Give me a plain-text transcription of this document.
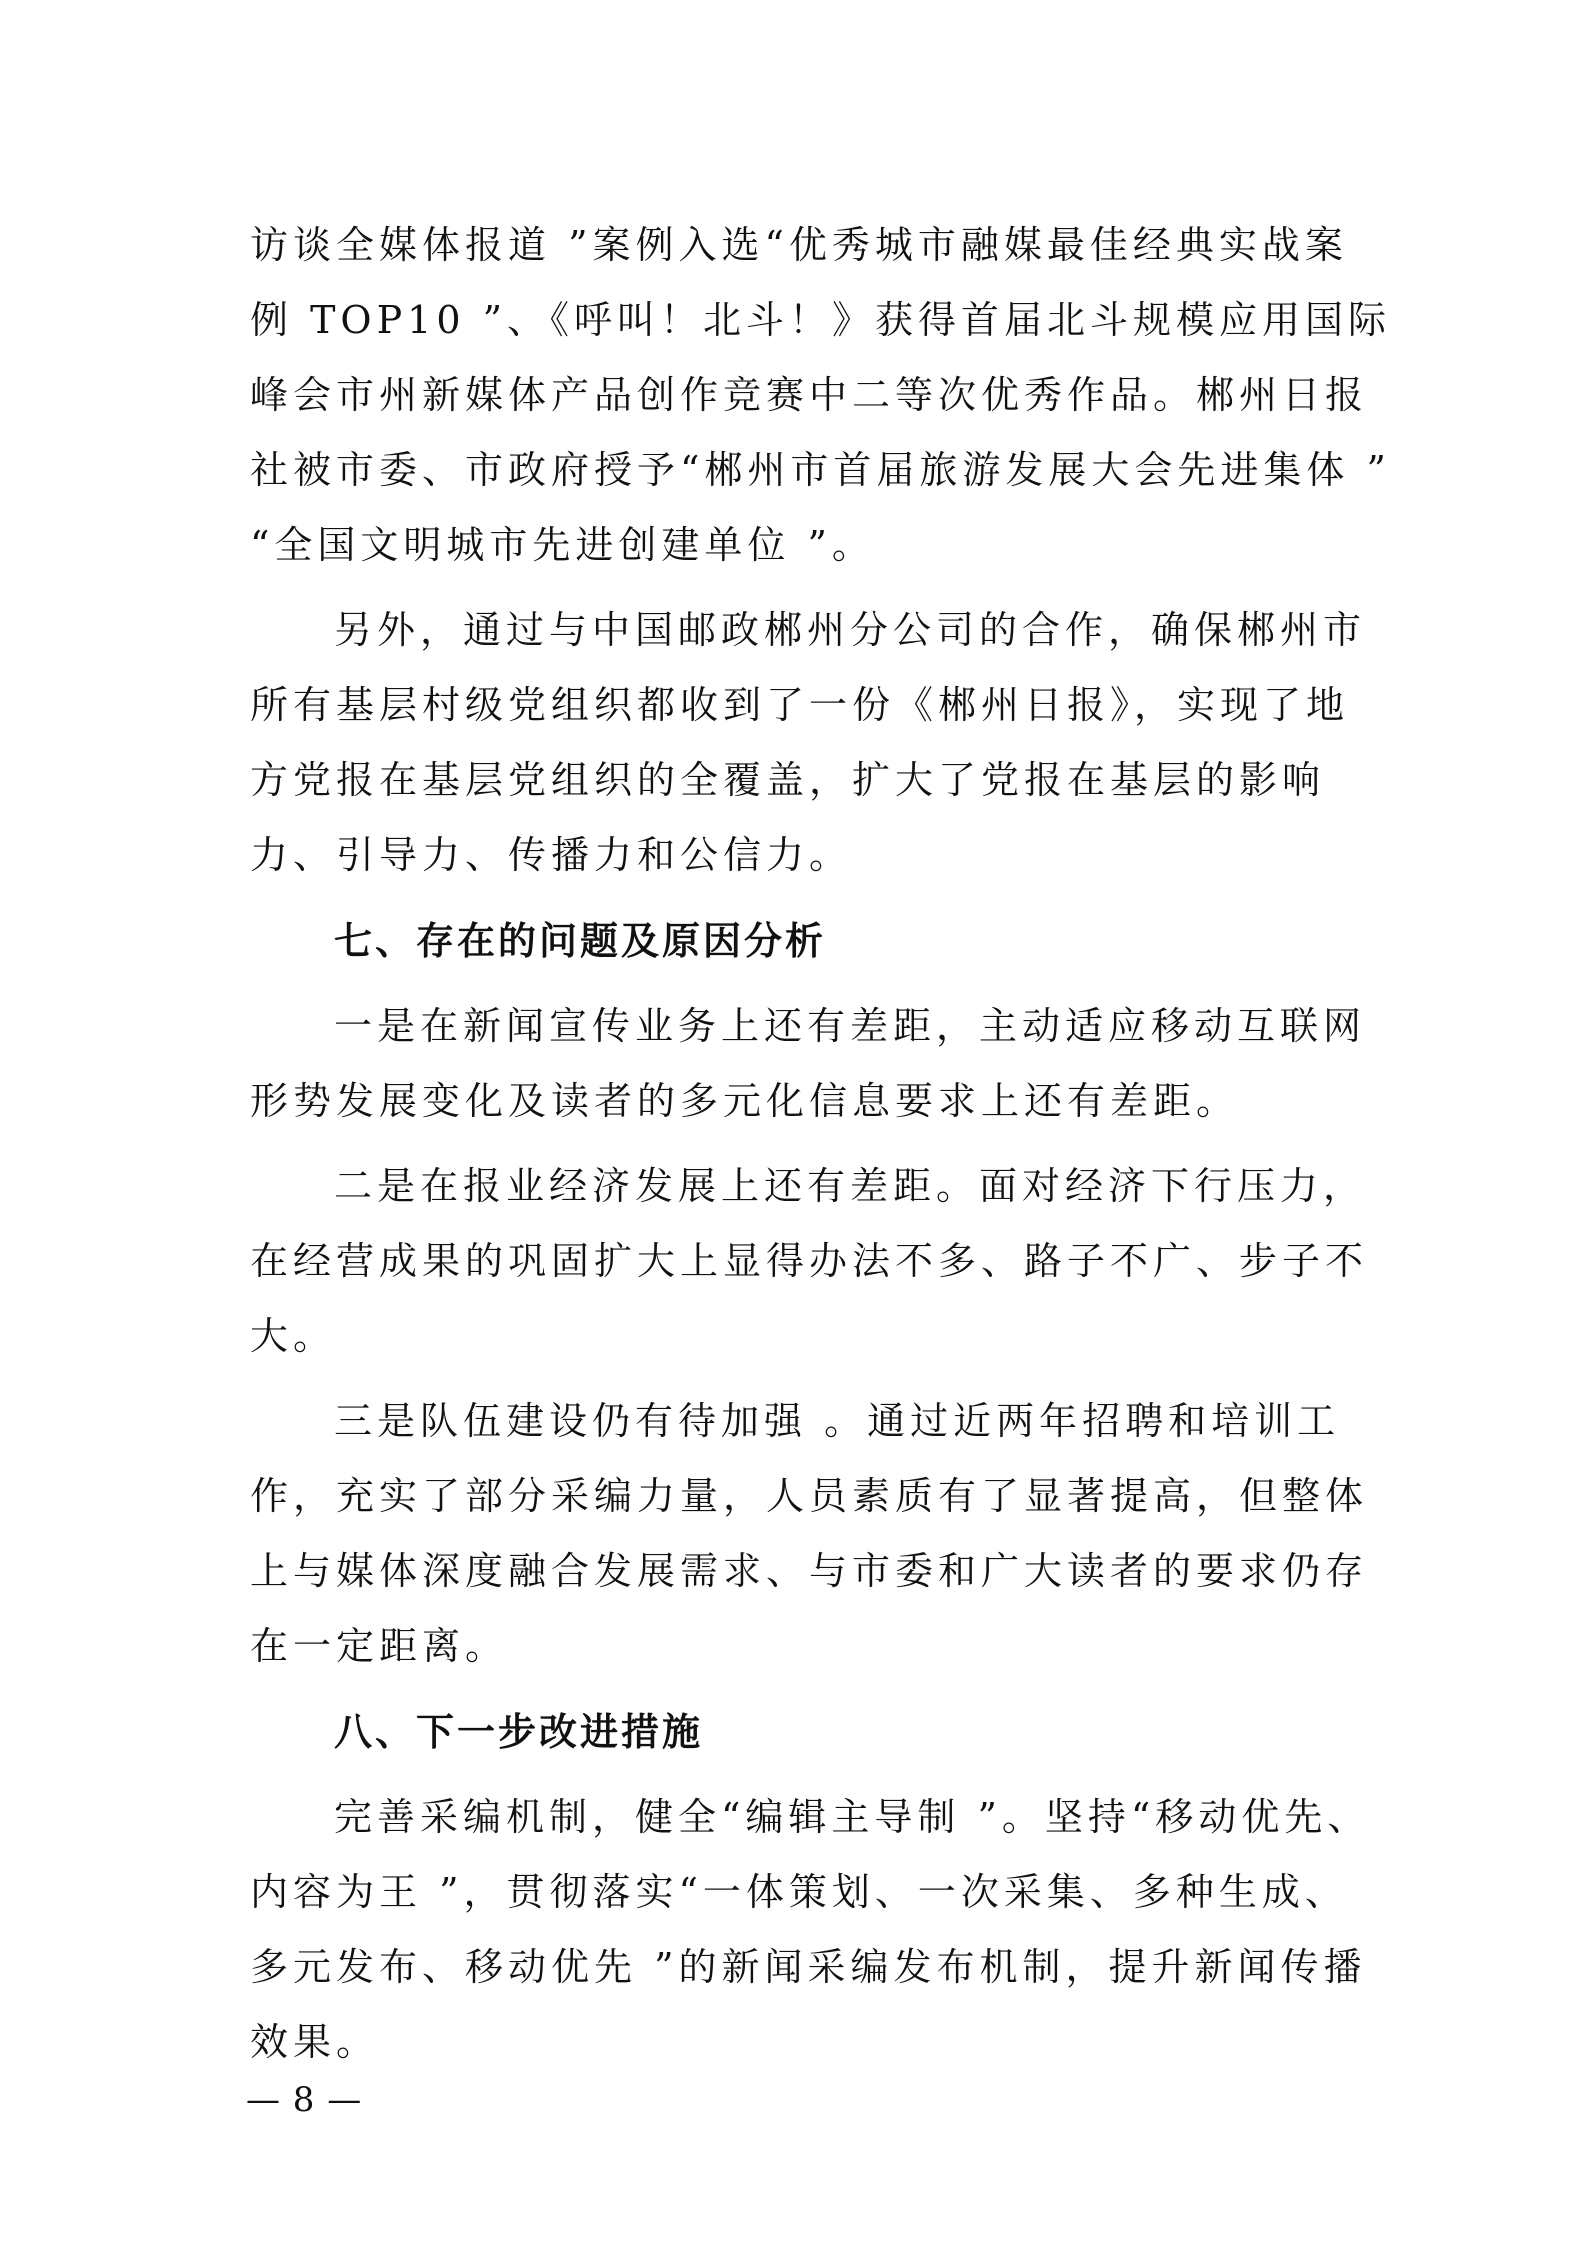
访谈全媒体报道 ”案例入选“优秀城市融媒最佳经典实战案
例 TOP10 ”、《呼叫！北斗！》获得首届北斗规模应用国际
峰会市州新媒体产品创作竞赛中二等次优秀作品。郴州日报
社被市委、市政府授予“郴州市首届旅游发展大会先进集体 ”
“全国文明城市先进创建单位 ”。
另外，通过与中国邮政郴州分公司的合作，确保郴州市
所有基层村级党组织都收到了一份《郴州日报》，实现了地
方党报在基层党组织的全覆盖，扩大了党报在基层的影响
力、引导力、传播力和公信力。
七、存在的问题及原因分析
一是在新闻宣传业务上还有差距，主动适应移动互联网
形势发展变化及读者的多元化信息要求上还有差距。
二是在报业经济发展上还有差距。面对经济下行压力，
在经营成果的巩固扩大上显得办法不多、路子不广、步子不
大。
三是队伍建设仍有待加强 。通过近两年招聘和培训工
作，充实了部分采编力量，人员素质有了显著提高，但整体
上与媒体深度融合发展需求、与市委和广大读者的要求仍存
在一定距离。
八、下一步改进措施
完善采编机制，健全“编辑主导制 ”。坚持“移动优先、
内容为王 ”，贯彻落实“一体策划、一次采集、多种生成、
多元发布、移动优先 ”的新闻采编发布机制，提升新闻传播
效果。
— 8 —
